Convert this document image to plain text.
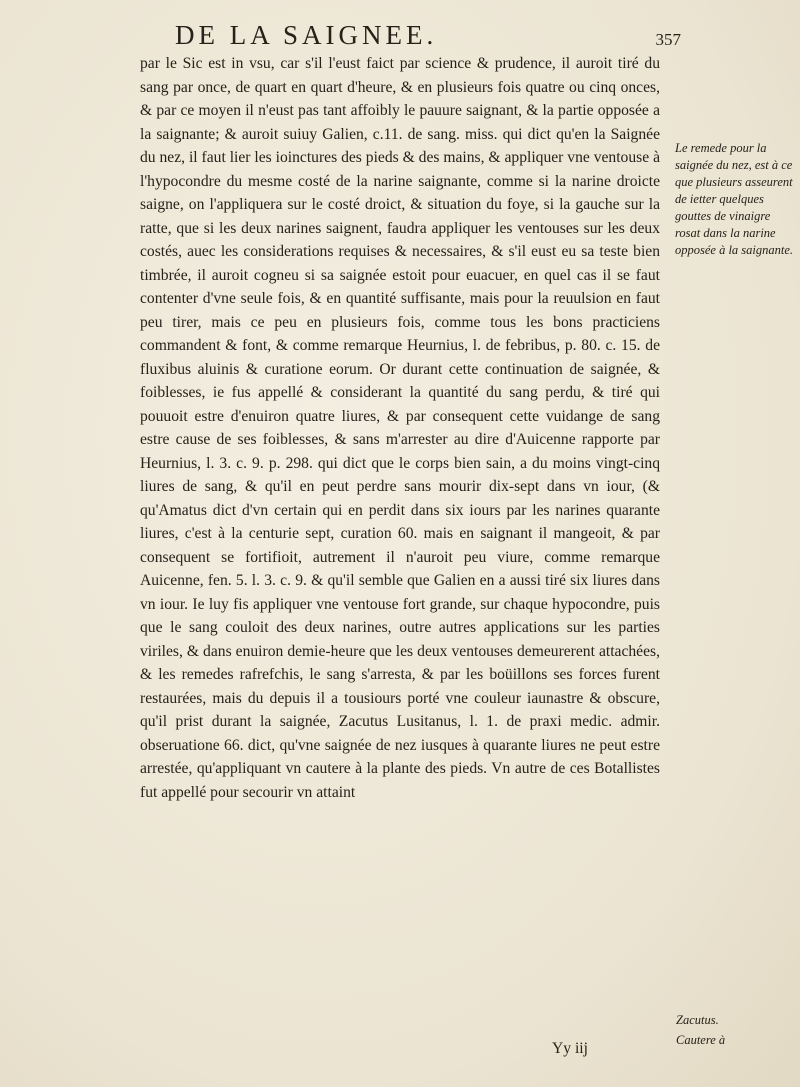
DE LA SAIGNEE.	357

par le Sic est in vsu, car s'il l'eust faict par science & prudence, il auroit tiré du sang par once, de quart en quart d'heure, & en plusieurs fois quatre ou cinq onces, & par ce moyen il n'eust pas tant affoibly le pauure saignant, & la partie opposée a la saignante; & auroit suiuy Galien, c.11. de sang. miss. qui dict qu'en la Saignée du nez, il faut lier les ioinctures des pieds & des mains, & appliquer vne ventouse à l'hypocondre du mesme costé de la narine saignante, comme si la narine droicte saigne, on l'appliquera sur le costé droict, & situation du foye, si la gauche sur la ratte, que si les deux narines saignent, faudra appliquer les ventouses sur les deux costés, auec les considerations requises & necessaires, & s'il eust eu sa teste bien timbrée, il auroit cogneu si sa saignée estoit pour euacuer, en quel cas il se faut contenter d'vne seule fois, & en quantité suffisante, mais pour la reuulsion en faut peu tirer, mais ce peu en plusieurs fois, comme tous les bons practiciens commandent & font, & comme remarque Heurnius, l. de febribus, p. 80. c. 15. de fluxibus aluinis & curatione eorum. Or durant cette continuation de saignée, & foiblesses, ie fus appellé & considerant la quantité du sang perdu, & tiré qui pouuoit estre d'enuiron quatre liures, & par consequent cette vuidange de sang estre cause de ses foiblesses, & sans m'arrester au dire d'Auicenne rapporte par Heurnius, l. 3. c. 9. p. 298. qui dict que le corps bien sain, a du moins vingt-cinq liures de sang, & qu'il en peut perdre sans mourir dix-sept dans vn iour, (& qu'Amatus dict d'vn certain qui en perdit dans six iours par les narines quarante liures, c'est à la centurie sept, curation 60. mais en saignant il mangeoit, & par consequent se fortifioit, autrement il n'auroit peu viure, comme remarque Auicenne, fen. 5. l. 3. c. 9. & qu'il semble que Galien en a aussi tiré six liures dans vn iour. Ie luy fis appliquer vne ventouse fort grande, sur chaque hypocondre, puis que le sang couloit des deux narines, outre autres applications sur les parties viriles, & dans enuiron demie-heure que les deux ventouses demeurerent attachées, & les remedes rafrefchis, le sang s'arresta, & par les boüillons ses forces furent restaurées, mais du depuis il a tousiours porté vne couleur iaunastre & obscure, qu'il prist durant la saignée, Zacutus Lusitanus, l. 1. de praxi medic. admir. obseruatione 66. dict, qu'vne saignée de nez iusques à quarante liures ne peut estre arrestée, qu'appliquant vn cautere à la plante des pieds. Vn autre de ces Botallistes fut appellé pour secourir vn attaint

Le remede pour la saignée du nez, est à ce que plusieurs asseurent de ietter quelques gouttes de vinaigre rosat dans la narine opposée à la saignante.
Zacutus.
Cautere à
Yy iij
